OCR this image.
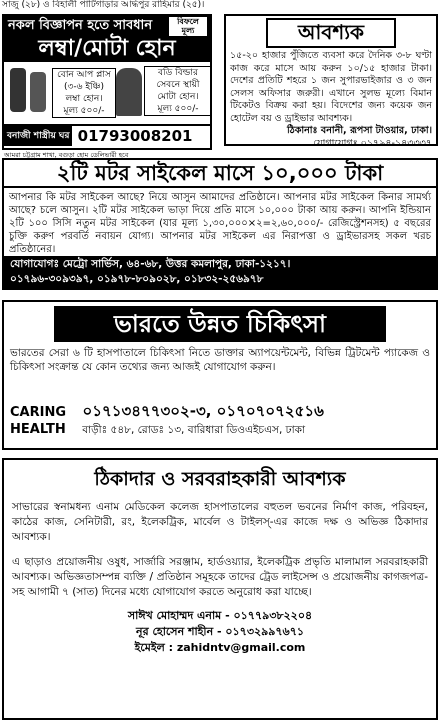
সাজু (২৮) ও বিহালী পাটিগাড়ার আর্দ্ধপুর রাহিমার (২৫)।
নকল বিজ্ঞাপন হতে সাবধান	বিফলে মূল্য
লম্বা/মোটা হোন
বোন আপ প্লাস
(৩-৬ ইঞ্চি)
লম্বা হোন।
মূল্য ৫০০/-
বডি বিল্ডার
সেবনে স্থায়ী
মোটা হোন।
মূল্য ৫০০/-
বনাজী শাস্ত্রীয় ঘর 01793008201
আমরা চট্টগ্রাম শাখা, বগুড়া হোম ডেলিভারী হবে
আবশ্যক
১৫-২০ হাজার পুঁজিতে ব্যবসা করে দৈনিক ৩-৮ ঘণ্টা কাজ করে মাসে আয় করুন ১০/১৫ হাজার টাকা। দেশের প্রতিটি শহরে ১ জন সুপারভাইজার ও ৩ জন সেলস অফিসার জরুরী। এখানে সুলভ মূল্যে বিমান টিকেটও বিক্রয় করা হয়। বিদেশের জন্য কয়েক জন হোটেল বয় ও ড্রাইভার আবশ্যক।
ঠিকানাঃ বনানী, রূপসা টাওয়ার, ঢাকা।
যোগাযোগঃ ০১৭৯৪-১৪৩৩৩৭
২টি মটর সাইকেল মাসে ১০,০০০ টাকা
আপনার কি মটর সাইকেল আছে? নিয়ে আসুন আমাদের প্রতিষ্ঠানে। আপনার মটর সাইকেল কিনার সামর্থ্য আছে? চলে আসুন। ২টি মটর সাইকেল ভাড়া দিয়ে প্রতি মাসে ১০,০০০ টাকা আয় করুন। আপনি ইন্ডিয়ান ২টি ১০০ সিসি নতুন মটর সাইকেল (যার মূল্য ১,৩০,০০০×২=২,৬০,০০০/- রেজিস্ট্রেশনসহ) ৫ বছরের চুক্তি করুণ পরবর্তি নবায়ন যোগ্য। আপনার মটর সাইকেল এর নিরাপত্তা ও ড্রাইভারসহ সকল খরচ প্রতিষ্ঠানের।
যোগাযোগঃ মেট্রো সার্ভিস, ৬৪-৬৮, উত্তর কমলাপুর, ঢাকা-১২১৭।
০১৭৯৬-৩০৯৩৯৭, ০১৯৭৮-৮০৯০২৮, ০১৮৩২-২৫৬৯৭৮
ভারতে উন্নত চিকিৎসা
ভারতের সেরা ৬ টি হাসপাতালে চিকিৎসা নিতে ডাক্তার অ্যাপয়েন্টমেন্ট, বিভিন্ন ট্রিটমেন্ট প্যাকেজ ও চিকিৎসা সংক্রান্ত যে কোন তথ্যের জন্য আজই যোগাযোগ করুন।
CARING ০১৭১৩৪৭৭৩০২-৩, ০১৭০৭০৭২৫১৬
HEALTH বাড়ীঃ ৫৪৮, রোডঃ ১৩, বারিধারা ডিওএইচএস, ঢাকা
ঠিকাদার ও সরবরাহকারী আবশ্যক
সাভারের স্বনামধন্য এনাম মেডিকেল কলেজ হাসপাতালের বহুতল ভবনের নির্মাণ কাজ, পরিবহন, কাঠের কাজ, সেনিটারী, রং, ইলেকট্রিক, মার্বেল ও টাইলস্-এর কাজে দক্ষ ও অভিজ্ঞ ঠিকাদার আবশ্যক।
এ ছাড়াও প্রয়োজনীয় ওষুধ, সার্জারি সরঞ্জাম, হার্ডওয়্যার, ইলেকট্রিক প্রভৃতি মালামাল সরবরাহকারী আবশ্যক। অভিজ্ঞতাসম্পন্ন ব্যক্তি / প্রতিষ্ঠান সমূহকে তাদের ট্রেড লাইসেন্স ও প্রয়োজনীয় কাগজপত্র-সহ আগামী ৭ (সাত) দিনের মধ্যে যোগাযোগ করতে অনুরোধ করা যাচ্ছে।
সাঈখ মোহাম্মদ এনাম - ০১৭৭৯৩৮২২০৪
নূর হোসেন শাহীন - ০১৭৩২৯৯৭৬৭১
ইমেইল : zahidntv@gmail.com
